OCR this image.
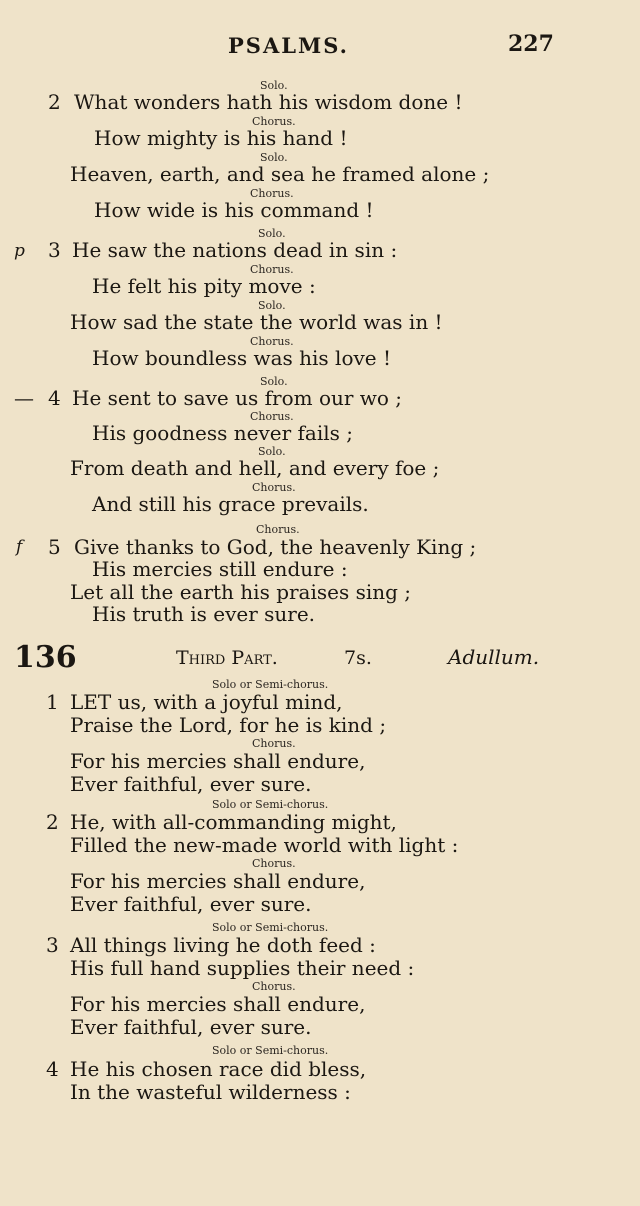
PSALMS.	227
Solo.
2 What wonders hath his wisdom done !
Chorus.
How mighty is his hand !
Solo.
Heaven, earth, and sea he framed alone ;
Chorus.
How wide is his command !
Solo.
p 3 He saw the nations dead in sin :
Chorus.
He felt his pity move :
Solo.
How sad the state the world was in !
Chorus.
How boundless was his love !
Solo.
— 4 He sent to save us from our wo ;
Chorus.
His goodness never fails ;
Solo.
From death and hell, and every foe ;
Chorus.
And still his grace prevails.
Chorus.
f 5 Give thanks to God, the heavenly King ;
His mercies still endure :
Let all the earth his praises sing ;
His truth is ever sure.
136	Third Part.	7s.	Adullum.
Solo or Semi-chorus.
1 LET us, with a joyful mind,
Praise the Lord, for he is kind ;
Chorus.
For his mercies shall endure,
Ever faithful, ever sure.
Solo or Semi-chorus.
2 He, with all-commanding might,
Filled the new-made world with light :
Chorus.
For his mercies shall endure,
Ever faithful, ever sure.
Solo or Semi-chorus.
3 All things living he doth feed :
His full hand supplies their need :
Chorus.
For his mercies shall endure,
Ever faithful, ever sure.
Solo or Semi-chorus.
4 He his chosen race did bless,
In the wasteful wilderness :
